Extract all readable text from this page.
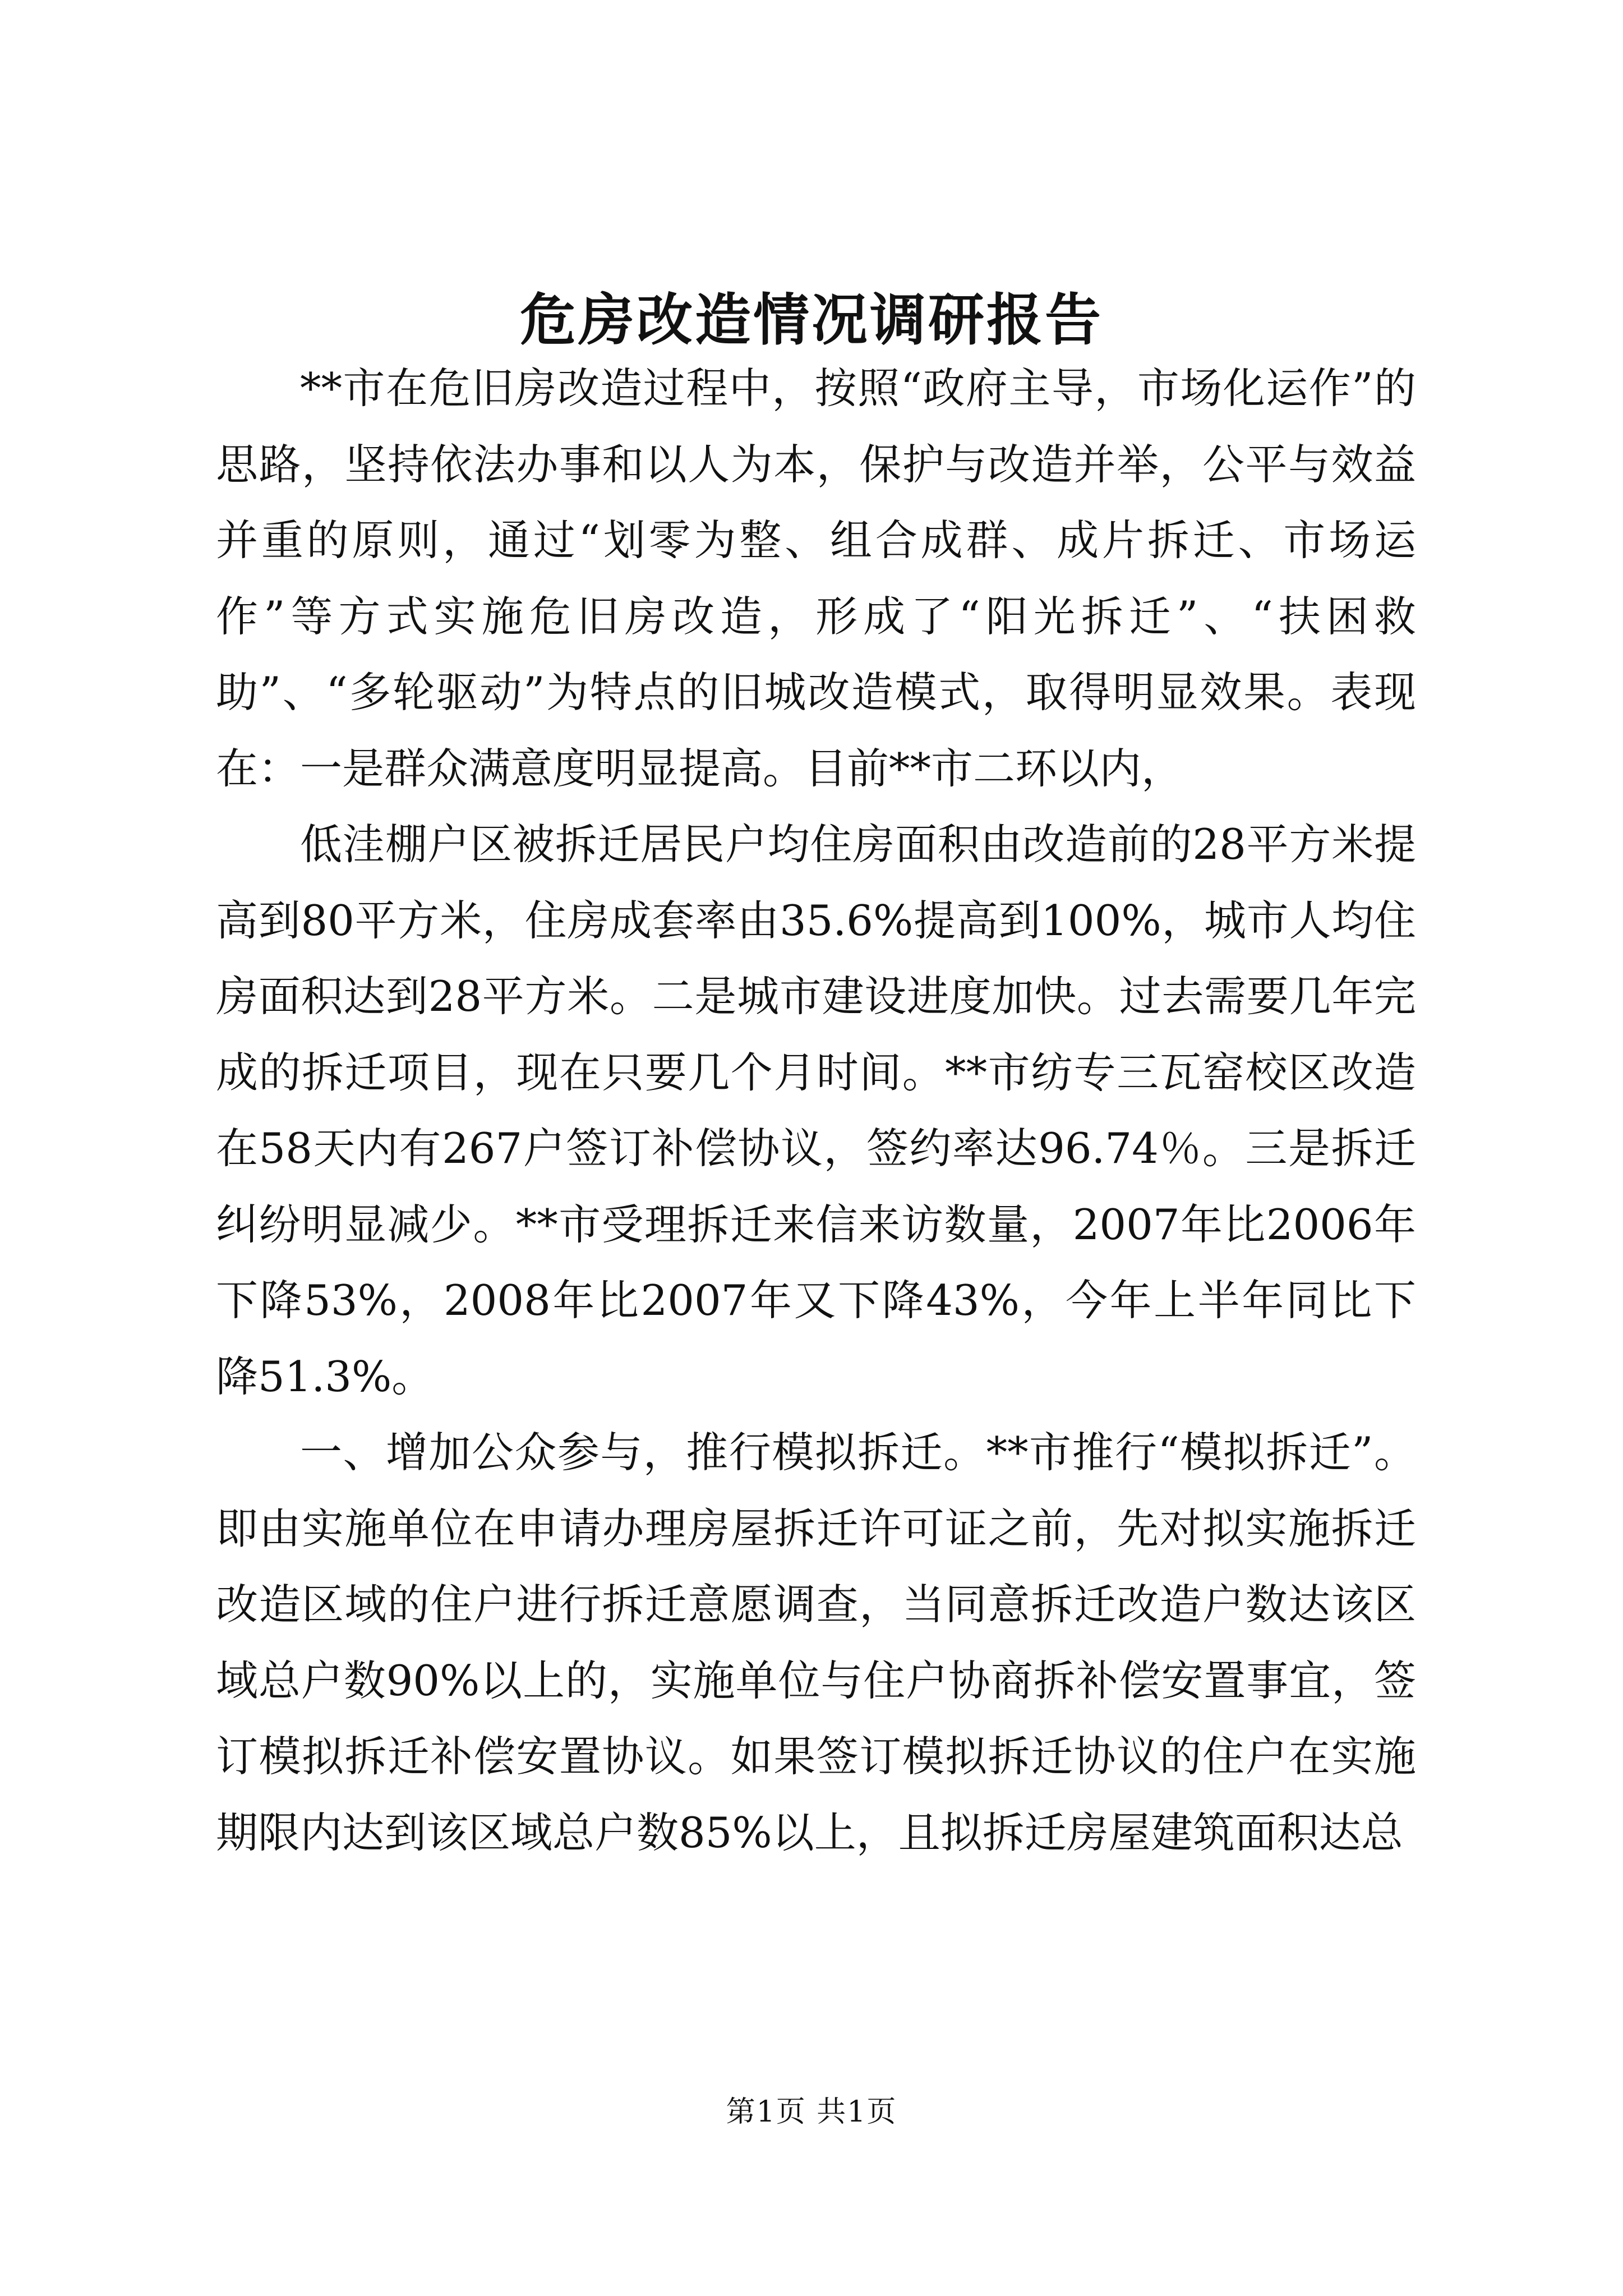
危房改造情况调研报告

**市在危旧房改造过程中，按照“政府主导，市场化运作”的思路，坚持依法办事和以人为本，保护与改造并举，公平与效益并重的原则，通过“划零为整、组合成群、成片拆迁、市场运作”等方式实施危旧房改造，形成了“阳光拆迁”、“扶困救助”、“多轮驱动”为特点的旧城改造模式，取得明显效果。表现在：一是群众满意度明显提高。目前**市二环以内，

低洼棚户区被拆迁居民户均住房面积由改造前的28平方米提高到80平方米，住房成套率由35.6%提高到100%，城市人均住房面积达到28平方米。二是城市建设进度加快。过去需要几年完成的拆迁项目，现在只要几个月时间。**市纺专三瓦窑校区改造在58天内有267户签订补偿协议，签约率达96.74％。三是拆迁纠纷明显减少。**市受理拆迁来信来访数量，2007年比2006年下降53%，2008年比2007年又下降43%，今年上半年同比下降51.3%。

一、增加公众参与，推行模拟拆迁。**市推行“模拟拆迁”。即由实施单位在申请办理房屋拆迁许可证之前，先对拟实施拆迁改造区域的住户进行拆迁意愿调查，当同意拆迁改造户数达该区域总户数90%以上的，实施单位与住户协商拆补偿安置事宜，签订模拟拆迁补偿安置协议。如果签订模拟拆迁协议的住户在实施期限内达到该区域总户数85%以上，且拟拆迁房屋建筑面积达总

第1页 共1页
